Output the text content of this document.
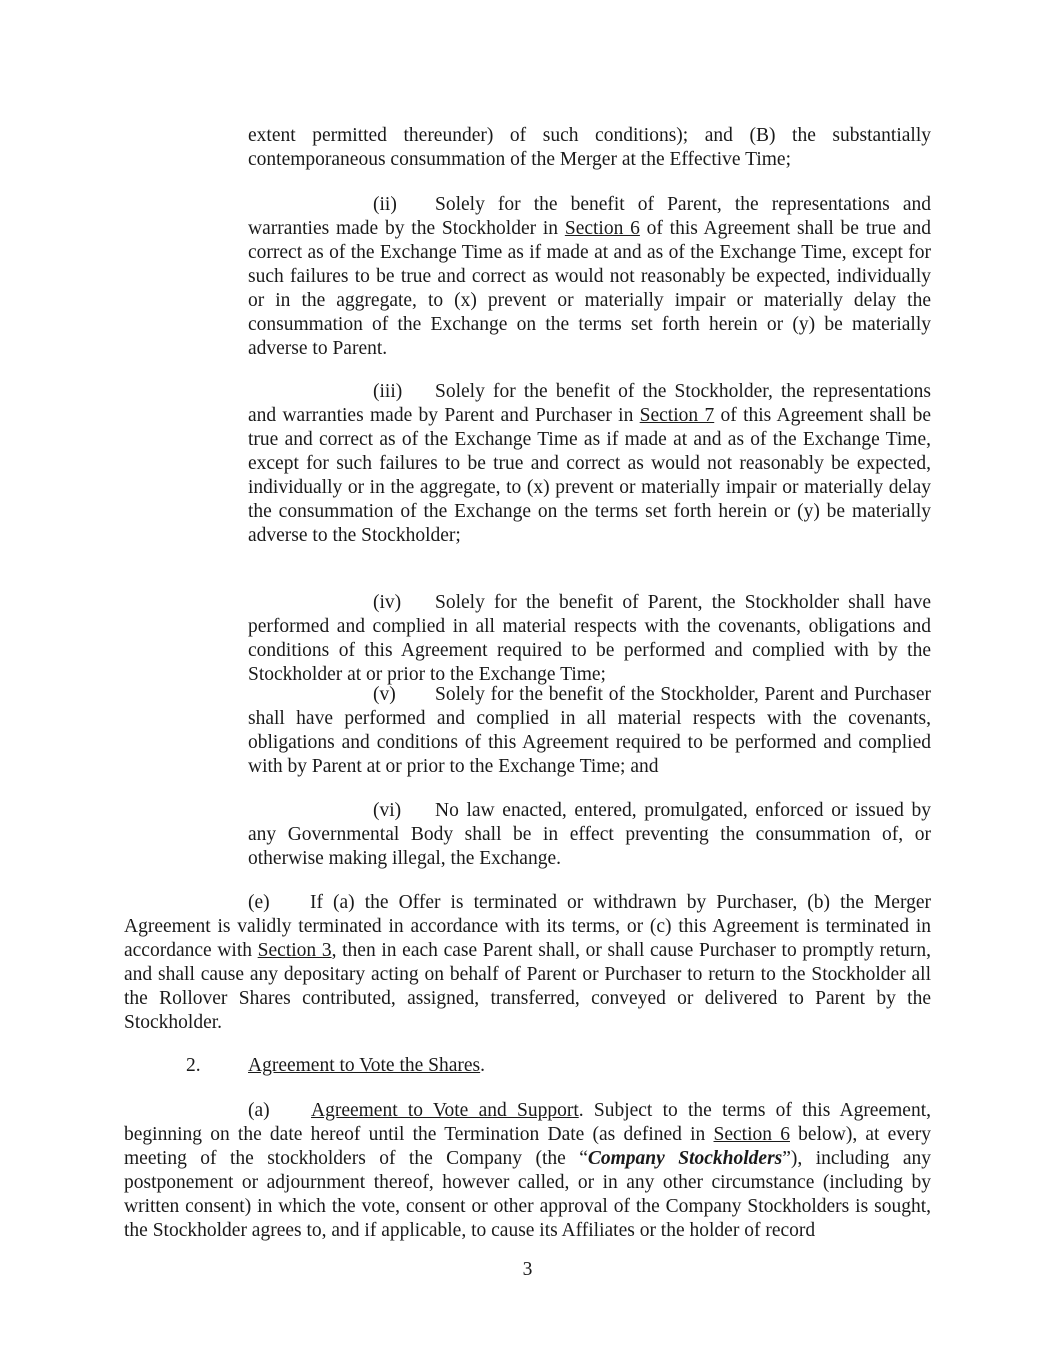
extent permitted thereunder) of such conditions); and (B) the substantially contemporaneous consummation of the Merger at the Effective Time;

(ii) Solely for the benefit of Parent, the representations and warranties made by the Stockholder in Section 6 of this Agreement shall be true and correct as of the Exchange Time as if made at and as of the Exchange Time, except for such failures to be true and correct as would not reasonably be expected, individually or in the aggregate, to (x) prevent or materially impair or materially delay the consummation of the Exchange on the terms set forth herein or (y) be materially adverse to Parent.

(iii) Solely for the benefit of the Stockholder, the representations and warranties made by Parent and Purchaser in Section 7 of this Agreement shall be true and correct as of the Exchange Time as if made at and as of the Exchange Time, except for such failures to be true and correct as would not reasonably be expected, individually or in the aggregate, to (x) prevent or materially impair or materially delay the consummation of the Exchange on the terms set forth herein or (y) be materially adverse to the Stockholder;

(iv) Solely for the benefit of Parent, the Stockholder shall have performed and complied in all material respects with the covenants, obligations and conditions of this Agreement required to be performed and complied with by the Stockholder at or prior to the Exchange Time;

(v) Solely for the benefit of the Stockholder, Parent and Purchaser shall have performed and complied in all material respects with the covenants, obligations and conditions of this Agreement required to be performed and complied with by Parent at or prior to the Exchange Time; and

(vi) No law enacted, entered, promulgated, enforced or issued by any Governmental Body shall be in effect preventing the consummation of, or otherwise making illegal, the Exchange.

(e) If (a) the Offer is terminated or withdrawn by Purchaser, (b) the Merger Agreement is validly terminated in accordance with its terms, or (c) this Agreement is terminated in accordance with Section 3, then in each case Parent shall, or shall cause Purchaser to promptly return, and shall cause any depositary acting on behalf of Parent or Purchaser to return to the Stockholder all the Rollover Shares contributed, assigned, transferred, conveyed or delivered to Parent by the Stockholder.

2. Agreement to Vote the Shares.

(a) Agreement to Vote and Support. Subject to the terms of this Agreement, beginning on the date hereof until the Termination Date (as defined in Section 6 below), at every meeting of the stockholders of the Company (the “Company Stockholders”), including any postponement or adjournment thereof, however called, or in any other circumstance (including by written consent) in which the vote, consent or other approval of the Company Stockholders is sought, the Stockholder agrees to, and if applicable, to cause its Affiliates or the holder of record

3
